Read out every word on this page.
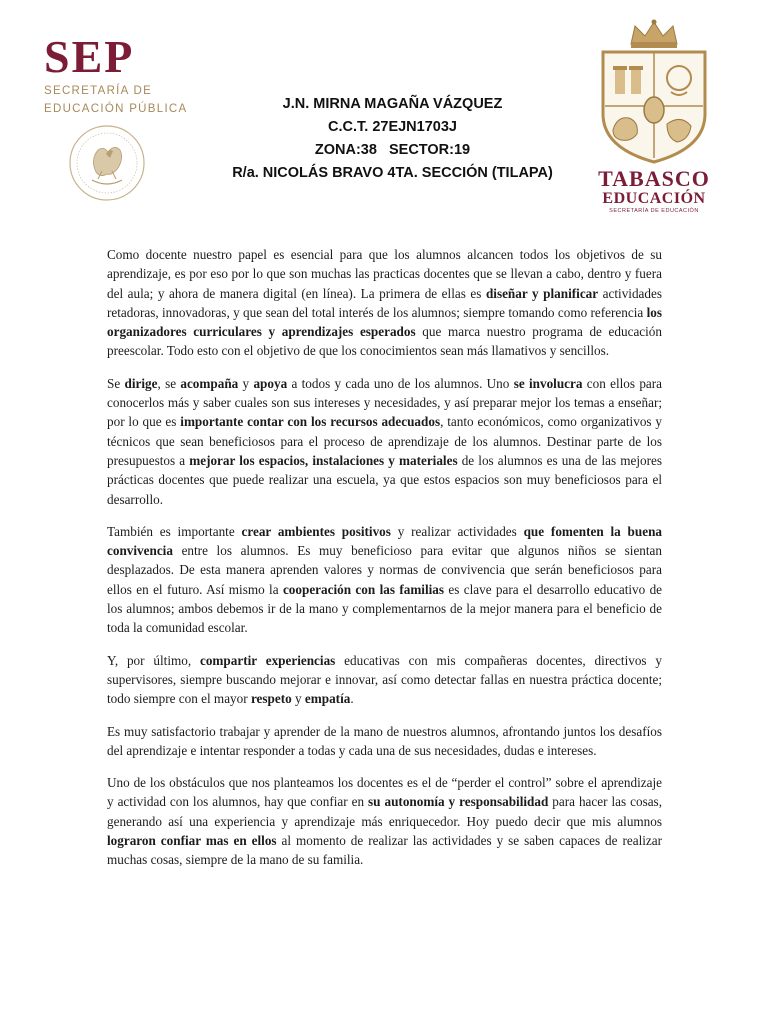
SEP
SECRETARÍA DE
EDUCACIÓN PÚBLICA
TABASCO
EDUCACIÓN
SECRETARÍA DE EDUCACIÓN
J.N. MIRNA MAGAÑA VÁZQUEZ
C.C.T. 27EJN1703J
ZONA:38   SECTOR:19
R/a. NICOLÁS BRAVO 4TA. SECCIÓN (TILAPA)

Como docente nuestro papel es esencial para que los alumnos alcancen todos los objetivos de su aprendizaje, es por eso por lo que son muchas las practicas docentes que se llevan a cabo, dentro y fuera del aula; y ahora de manera digital (en línea). La primera de ellas es diseñar y planificar actividades retadoras, innovadoras, y que sean del total interés de los alumnos; siempre tomando como referencia los organizadores curriculares y aprendizajes esperados que marca nuestro programa de educación preescolar. Todo esto con el objetivo de que los conocimientos sean más llamativos y sencillos.

Se dirige, se acompaña y apoya a todos y cada uno de los alumnos. Uno se involucra con ellos para conocerlos más y saber cuales son sus intereses y necesidades, y así preparar mejor los temas a enseñar; por lo que es importante contar con los recursos adecuados, tanto económicos, como organizativos y técnicos que sean beneficiosos para el proceso de aprendizaje de los alumnos. Destinar parte de los presupuestos a mejorar los espacios, instalaciones y materiales de los alumnos es una de las mejores prácticas docentes que puede realizar una escuela, ya que estos espacios son muy beneficiosos para el desarrollo.

También es importante crear ambientes positivos y realizar actividades que fomenten la buena convivencia entre los alumnos. Es muy beneficioso para evitar que algunos niños se sientan desplazados. De esta manera aprenden valores y normas de convivencia que serán beneficiosos para ellos en el futuro. Así mismo la cooperación con las familias es clave para el desarrollo educativo de los alumnos; ambos debemos ir de la mano y complementarnos de la mejor manera para el beneficio de toda la comunidad escolar.

Y, por último, compartir experiencias educativas con mis compañeras docentes, directivos y supervisores, siempre buscando mejorar e innovar, así como detectar fallas en nuestra práctica docente; todo siempre con el mayor respeto y empatía.

Es muy satisfactorio trabajar y aprender de la mano de nuestros alumnos, afrontando juntos los desafíos del aprendizaje e intentar responder a todas y cada una de sus necesidades, dudas e intereses.

Uno de los obstáculos que nos planteamos los docentes es el de “perder el control” sobre el aprendizaje y actividad con los alumnos, hay que confiar en su autonomía y responsabilidad para hacer las cosas, generando así una experiencia y aprendizaje más enriquecedor. Hoy puedo decir que mis alumnos lograron confiar mas en ellos al momento de realizar las actividades y se saben capaces de realizar muchas cosas, siempre de la mano de su familia.
